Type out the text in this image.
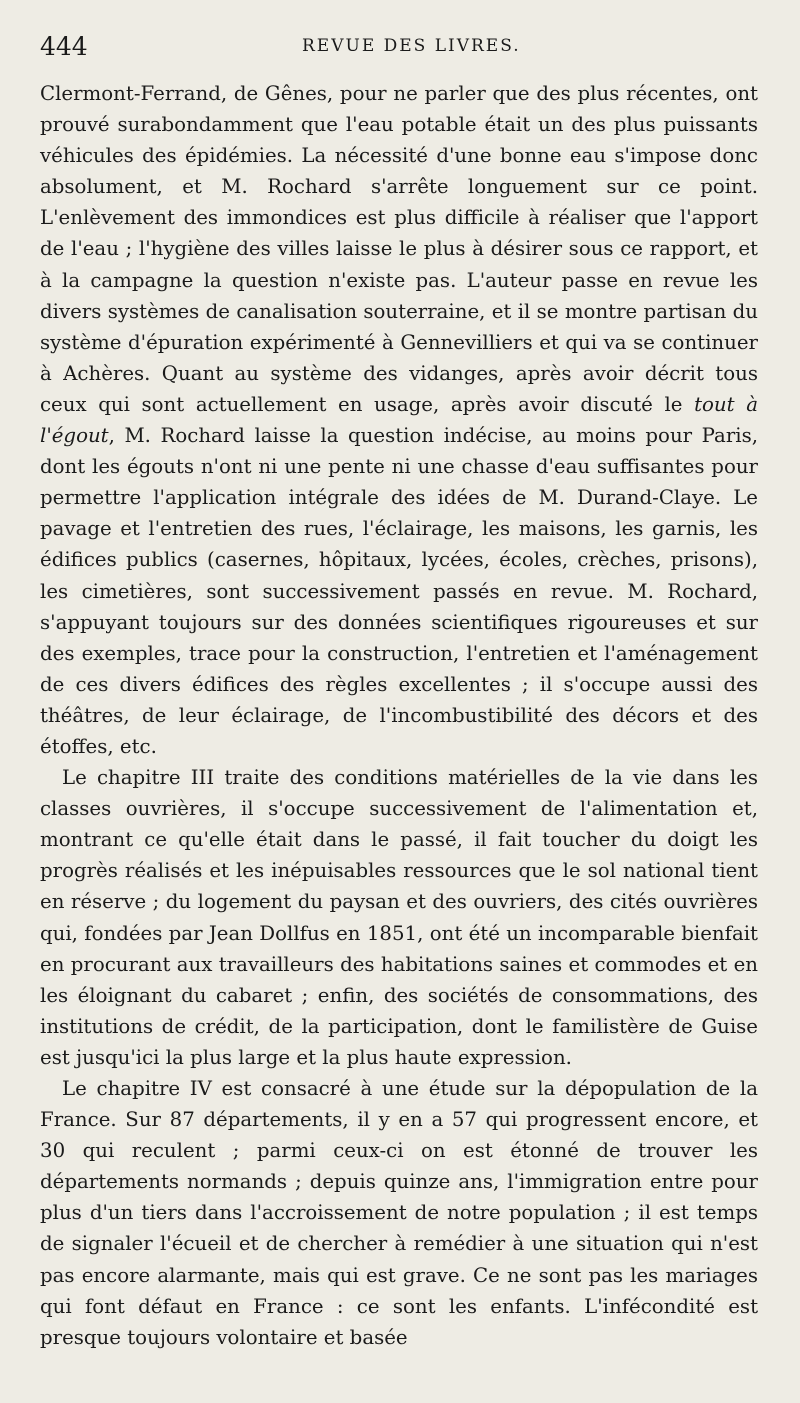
444	REVUE DES LIVRES.

Clermont-Ferrand, de Gênes, pour ne parler que des plus récentes, ont prouvé surabondamment que l'eau potable était un des plus puissants véhicules des épidémies. La nécessité d'une bonne eau s'impose donc absolument, et M. Rochard s'arrête longuement sur ce point. L'enlèvement des immondices est plus difficile à réaliser que l'apport de l'eau ; l'hygiène des villes laisse le plus à désirer sous ce rapport, et à la campagne la question n'existe pas. L'auteur passe en revue les divers systèmes de canalisation souterraine, et il se montre partisan du système d'épuration expérimenté à Gennevilliers et qui va se continuer à Achères. Quant au système des vidanges, après avoir décrit tous ceux qui sont actuellement en usage, après avoir discuté le tout à l'égout, M. Rochard laisse la question indécise, au moins pour Paris, dont les égouts n'ont ni une pente ni une chasse d'eau suffisantes pour permettre l'application intégrale des idées de M. Durand-Claye. Le pavage et l'entretien des rues, l'éclairage, les maisons, les garnis, les édifices publics (casernes, hôpitaux, lycées, écoles, crèches, prisons), les cimetières, sont successivement passés en revue. M. Rochard, s'appuyant toujours sur des données scientifiques rigoureuses et sur des exemples, trace pour la construction, l'entretien et l'aménagement de ces divers édifices des règles excellentes ; il s'occupe aussi des théâtres, de leur éclairage, de l'incombustibilité des décors et des étoffes, etc.

Le chapitre III traite des conditions matérielles de la vie dans les classes ouvrières, il s'occupe successivement de l'alimentation et, montrant ce qu'elle était dans le passé, il fait toucher du doigt les progrès réalisés et les inépuisables ressources que le sol national tient en réserve ; du logement du paysan et des ouvriers, des cités ouvrières qui, fondées par Jean Dollfus en 1851, ont été un incomparable bienfait en procurant aux travailleurs des habitations saines et commodes et en les éloignant du cabaret ; enfin, des sociétés de consommations, des institutions de crédit, de la participation, dont le familistère de Guise est jusqu'ici la plus large et la plus haute expression.

Le chapitre IV est consacré à une étude sur la dépopulation de la France. Sur 87 départements, il y en a 57 qui progressent encore, et 30 qui reculent ; parmi ceux-ci on est étonné de trouver les départements normands ; depuis quinze ans, l'immigration entre pour plus d'un tiers dans l'accroissement de notre population ; il est temps de signaler l'écueil et de chercher à remédier à une situation qui n'est pas encore alarmante, mais qui est grave. Ce ne sont pas les mariages qui font défaut en France : ce sont les enfants. L'infécondité est presque toujours volontaire et basée
